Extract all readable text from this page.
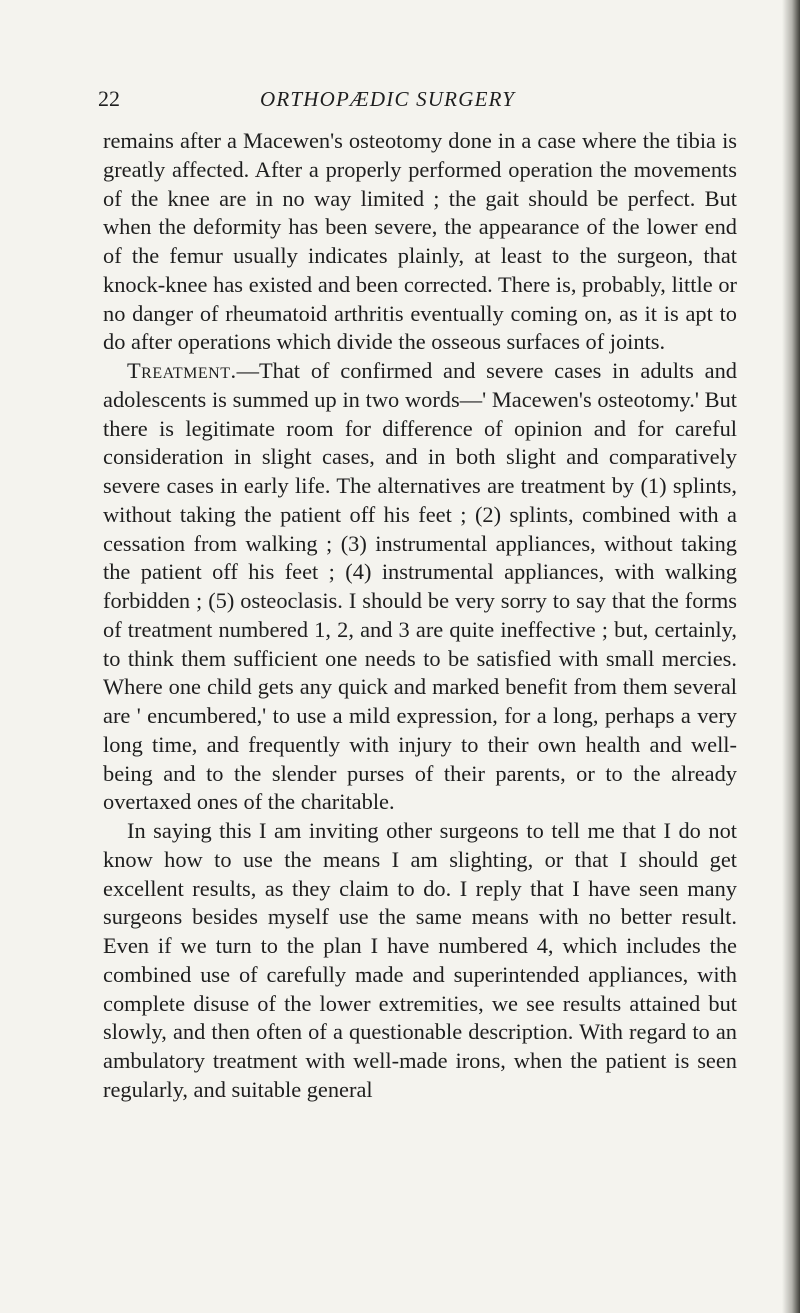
22	ORTHOPÆDIC SURGERY

remains after a Macewen's osteotomy done in a case where the tibia is greatly affected. After a properly performed operation the movements of the knee are in no way limited ; the gait should be perfect. But when the deformity has been severe, the appearance of the lower end of the femur usually indicates plainly, at least to the surgeon, that knock-knee has existed and been corrected. There is, probably, little or no danger of rheumatoid arthritis eventually coming on, as it is apt to do after operations which divide the osseous surfaces of joints.

Treatment.—That of confirmed and severe cases in adults and adolescents is summed up in two words—' Macewen's osteotomy.' But there is legitimate room for difference of opinion and for careful consideration in slight cases, and in both slight and comparatively severe cases in early life. The alternatives are treatment by (1) splints, without taking the patient off his feet ; (2) splints, combined with a cessation from walking ; (3) instrumental appliances, without taking the patient off his feet ; (4) instrumental appliances, with walking forbidden ; (5) osteoclasis. I should be very sorry to say that the forms of treatment numbered 1, 2, and 3 are quite ineffective ; but, certainly, to think them sufficient one needs to be satisfied with small mercies. Where one child gets any quick and marked benefit from them several are ' encumbered,' to use a mild expression, for a long, perhaps a very long time, and frequently with injury to their own health and well-being and to the slender purses of their parents, or to the already overtaxed ones of the charitable.

In saying this I am inviting other surgeons to tell me that I do not know how to use the means I am slighting, or that I should get excellent results, as they claim to do. I reply that I have seen many surgeons besides myself use the same means with no better result. Even if we turn to the plan I have numbered 4, which includes the combined use of carefully made and superintended appliances, with complete disuse of the lower extremities, we see results attained but slowly, and then often of a questionable description. With regard to an ambulatory treatment with well-made irons, when the patient is seen regularly, and suitable general
